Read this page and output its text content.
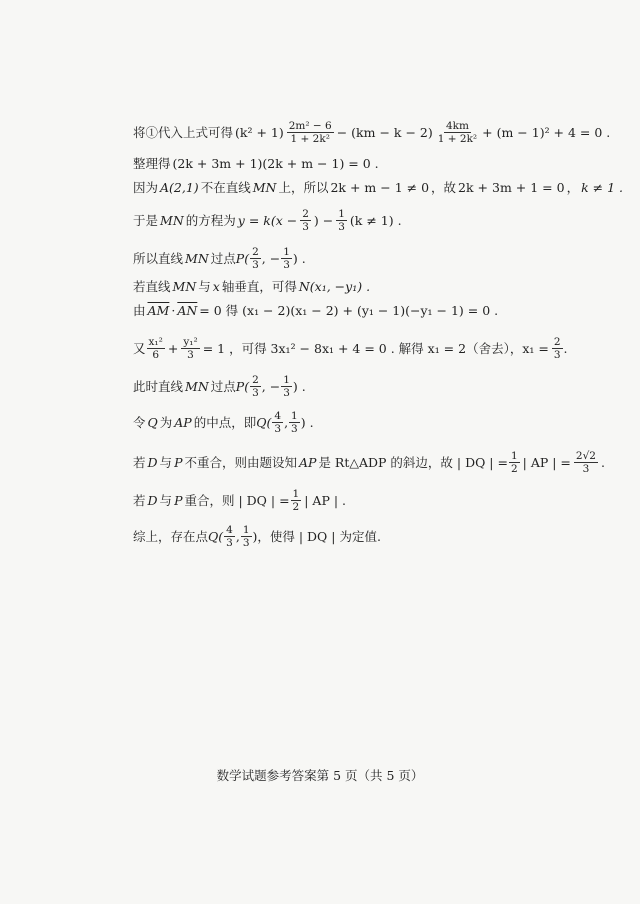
将①代入上式可得 $(k^2 + 1) \frac{\text{2m² − 6}}{\text{1 + 2k²}} - (km - k - 2) \frac{4km}{\text{1 + 2k²}} + (m - 1)^2 + 4 = 0$ .
整理得 (2k + 3m + 1)(2k + m − 1) = 0 .
因为 A(2,1) 不在直线 MN 上，所以 2k + m − 1 ≠ 0 ，故 2k + 3m + 1 = 0 ， k ≠ 1 .
于是 MN 的方程为 $y = k(x - \frac{2}{3}$ ) − $\frac{1}{3} (k \ne 1)$ .
所以直线 MN 过点 $P( \frac{2}{3}$ , − $\frac{1}{3}$ ) .
若直线 MN 与 x 轴垂直，可得 N(x₁, −y₁) .
由 $\overline{AM} \cdot \overline{AN} = 0$ 得 (x₁ − 2)(x₁ − 2) + (y₁ − 1)(−y₁ − 1) = 0 .
又 $\frac{\text{x₁²}}{6} + \frac{\text{y₁²}}{3} = 1$ ，可得 3x₁² − 8x₁ + 4 = 0 . 解得 x₁ = 2（舍去），$x_1 = \frac{2}{3}$ .
此时直线 MN 过点 $P( \frac{2}{3}$ , − $\frac{1}{3}$ ) .
令 Q 为 AP 的中点，即 $Q( \frac{4}{3}$ , $\frac{1}{3}$ ) .
若 D 与 P 不重合，则由题设知 AP 是 Rt△ADP 的斜边，故 | DQ | = $\frac{1}{2}$ | AP | = $\frac{2√2}{3}$ .
若 D 与 P 重合，则 | DQ | = $\frac{1}{2}$ | AP | .
综上，存在点 $Q( \frac{4}{3}$ , $\frac{1}{3}$ )，使得 | DQ | 为定值.
数学试题参考答案第 5 页（共 5 页）
